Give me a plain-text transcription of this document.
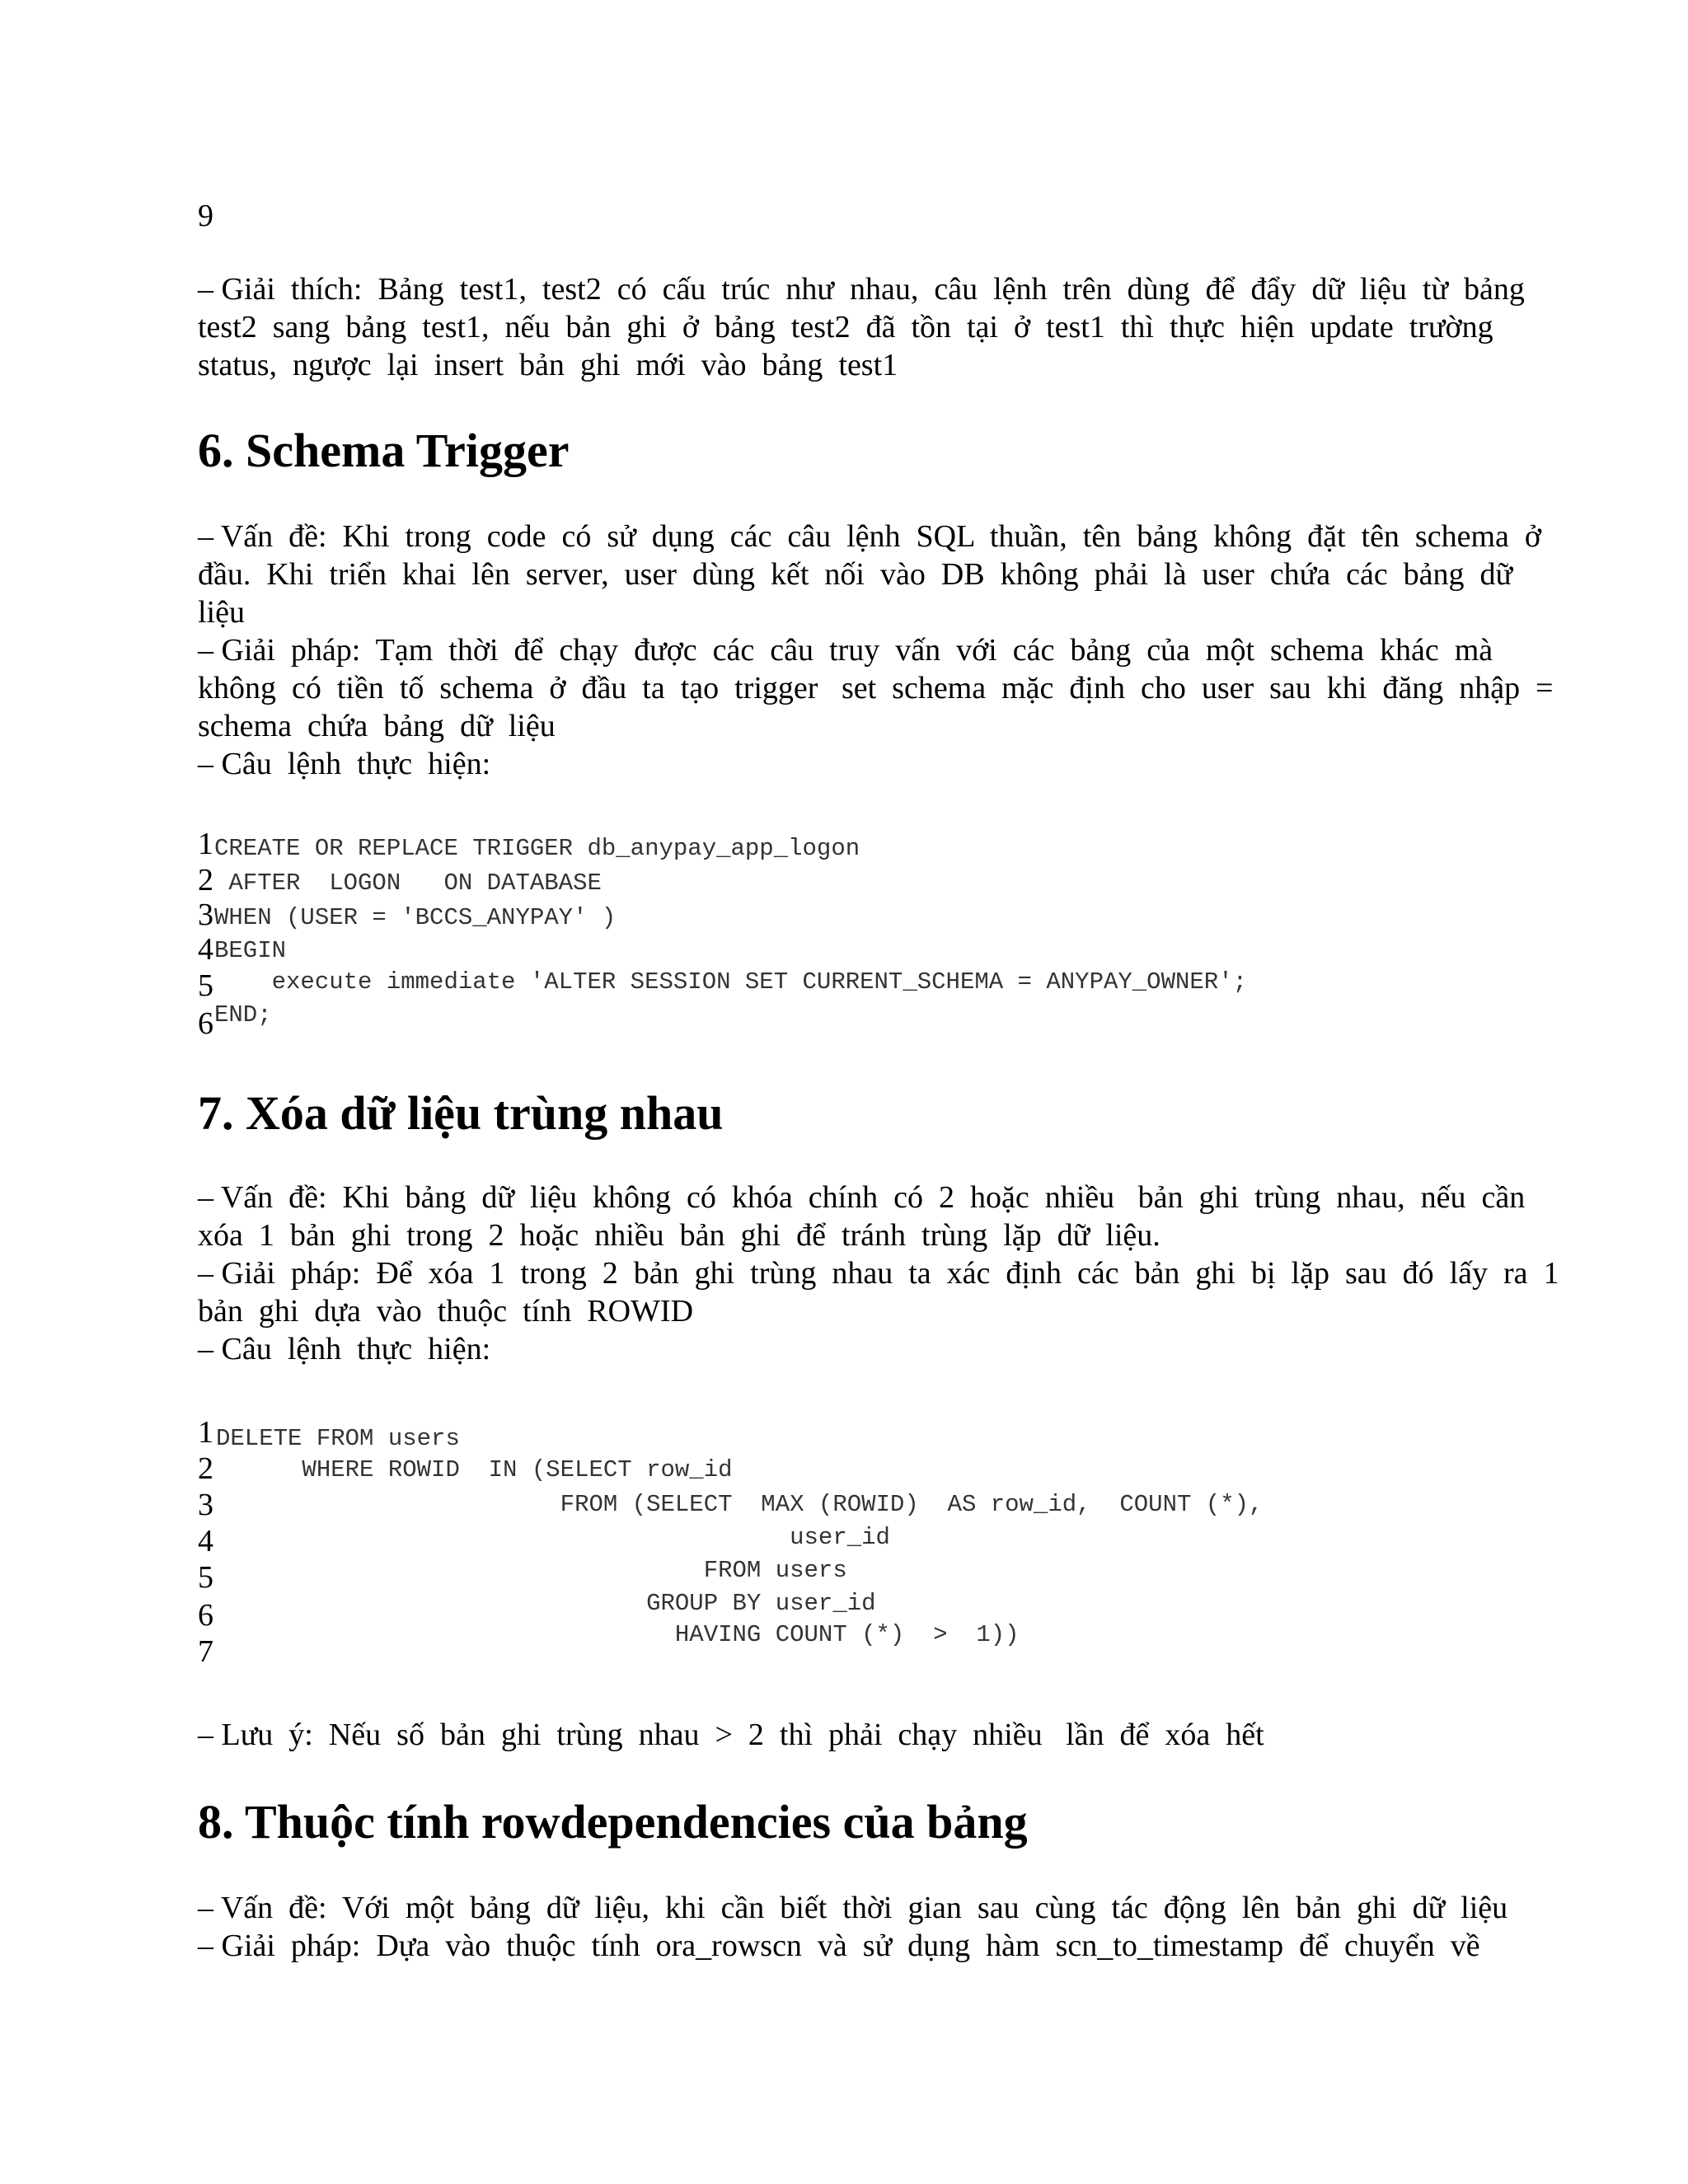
9
– Giải  thích:  Bảng  test1,  test2  có  cấu  trúc  như  nhau,  câu  lệnh  trên  dùng  để  đẩy  dữ  liệu  từ  bảng
test2  sang  bảng  test1,  nếu  bản  ghi  ở  bảng  test2  đã  tồn  tại  ở  test1  thì  thực  hiện  update  trường
status,  ngược  lại  insert  bản  ghi  mới  vào  bảng  test1
6. Schema Trigger
– Vấn  đề:  Khi  trong  code  có  sử  dụng  các  câu  lệnh  SQL  thuần,  tên  bảng  không  đặt  tên  schema  ở
đầu.  Khi  triển  khai  lên  server,  user  dùng  kết  nối  vào  DB  không  phải  là  user  chứa  các  bảng  dữ
liệu
– Giải  pháp:  Tạm  thời  để  chạy  được  các  câu  truy  vấn  với  các  bảng  của  một  schema  khác  mà
không  có  tiền  tố  schema  ở  đầu  ta  tạo  trigger   set  schema  mặc  định  cho  user  sau  khi  đăng  nhập  =
schema  chứa  bảng  dữ  liệu
– Câu  lệnh  thực  hiện:
1 CREATE OR REPLACE TRIGGER db_anypay_app_logon
2 AFTER  LOGON   ON DATABASE
3 WHEN (USER = 'BCCS_ANYPAY' )
4 BEGIN
5 execute immediate 'ALTER SESSION SET CURRENT_SCHEMA = ANYPAY_OWNER';
6 END;
7. Xóa dữ liệu trùng nhau
– Vấn  đề:  Khi  bảng  dữ  liệu  không  có  khóa  chính  có  2  hoặc  nhiều   bản  ghi  trùng  nhau,  nếu  cần
xóa  1  bản  ghi  trong  2  hoặc  nhiều  bản  ghi  để  tránh  trùng  lặp  dữ  liệu.
– Giải  pháp:  Để  xóa  1  trong  2  bản  ghi  trùng  nhau  ta  xác  định  các  bản  ghi  bị  lặp  sau  đó  lấy  ra  1
bản  ghi  dựa  vào  thuộc  tính  ROWID
– Câu  lệnh  thực  hiện:
1 DELETE FROM users
2 WHERE ROWID  IN (SELECT row_id
3 FROM (SELECT  MAX (ROWID)  AS row_id,  COUNT (*),
4 user_id
5 FROM users
6 GROUP BY user_id
7 HAVING COUNT (*)  >  1))
– Lưu  ý:  Nếu  số  bản  ghi  trùng  nhau  >  2  thì  phải  chạy  nhiều   lần  để  xóa  hết
8. Thuộc tính rowdependencies của bảng
– Vấn  đề:  Với  một  bảng  dữ  liệu,  khi  cần  biết  thời  gian  sau  cùng  tác  động  lên  bản  ghi  dữ  liệu
– Giải  pháp:  Dựa  vào  thuộc  tính  ora_rowscn  và  sử  dụng  hàm  scn_to_timestamp  để  chuyển  về
